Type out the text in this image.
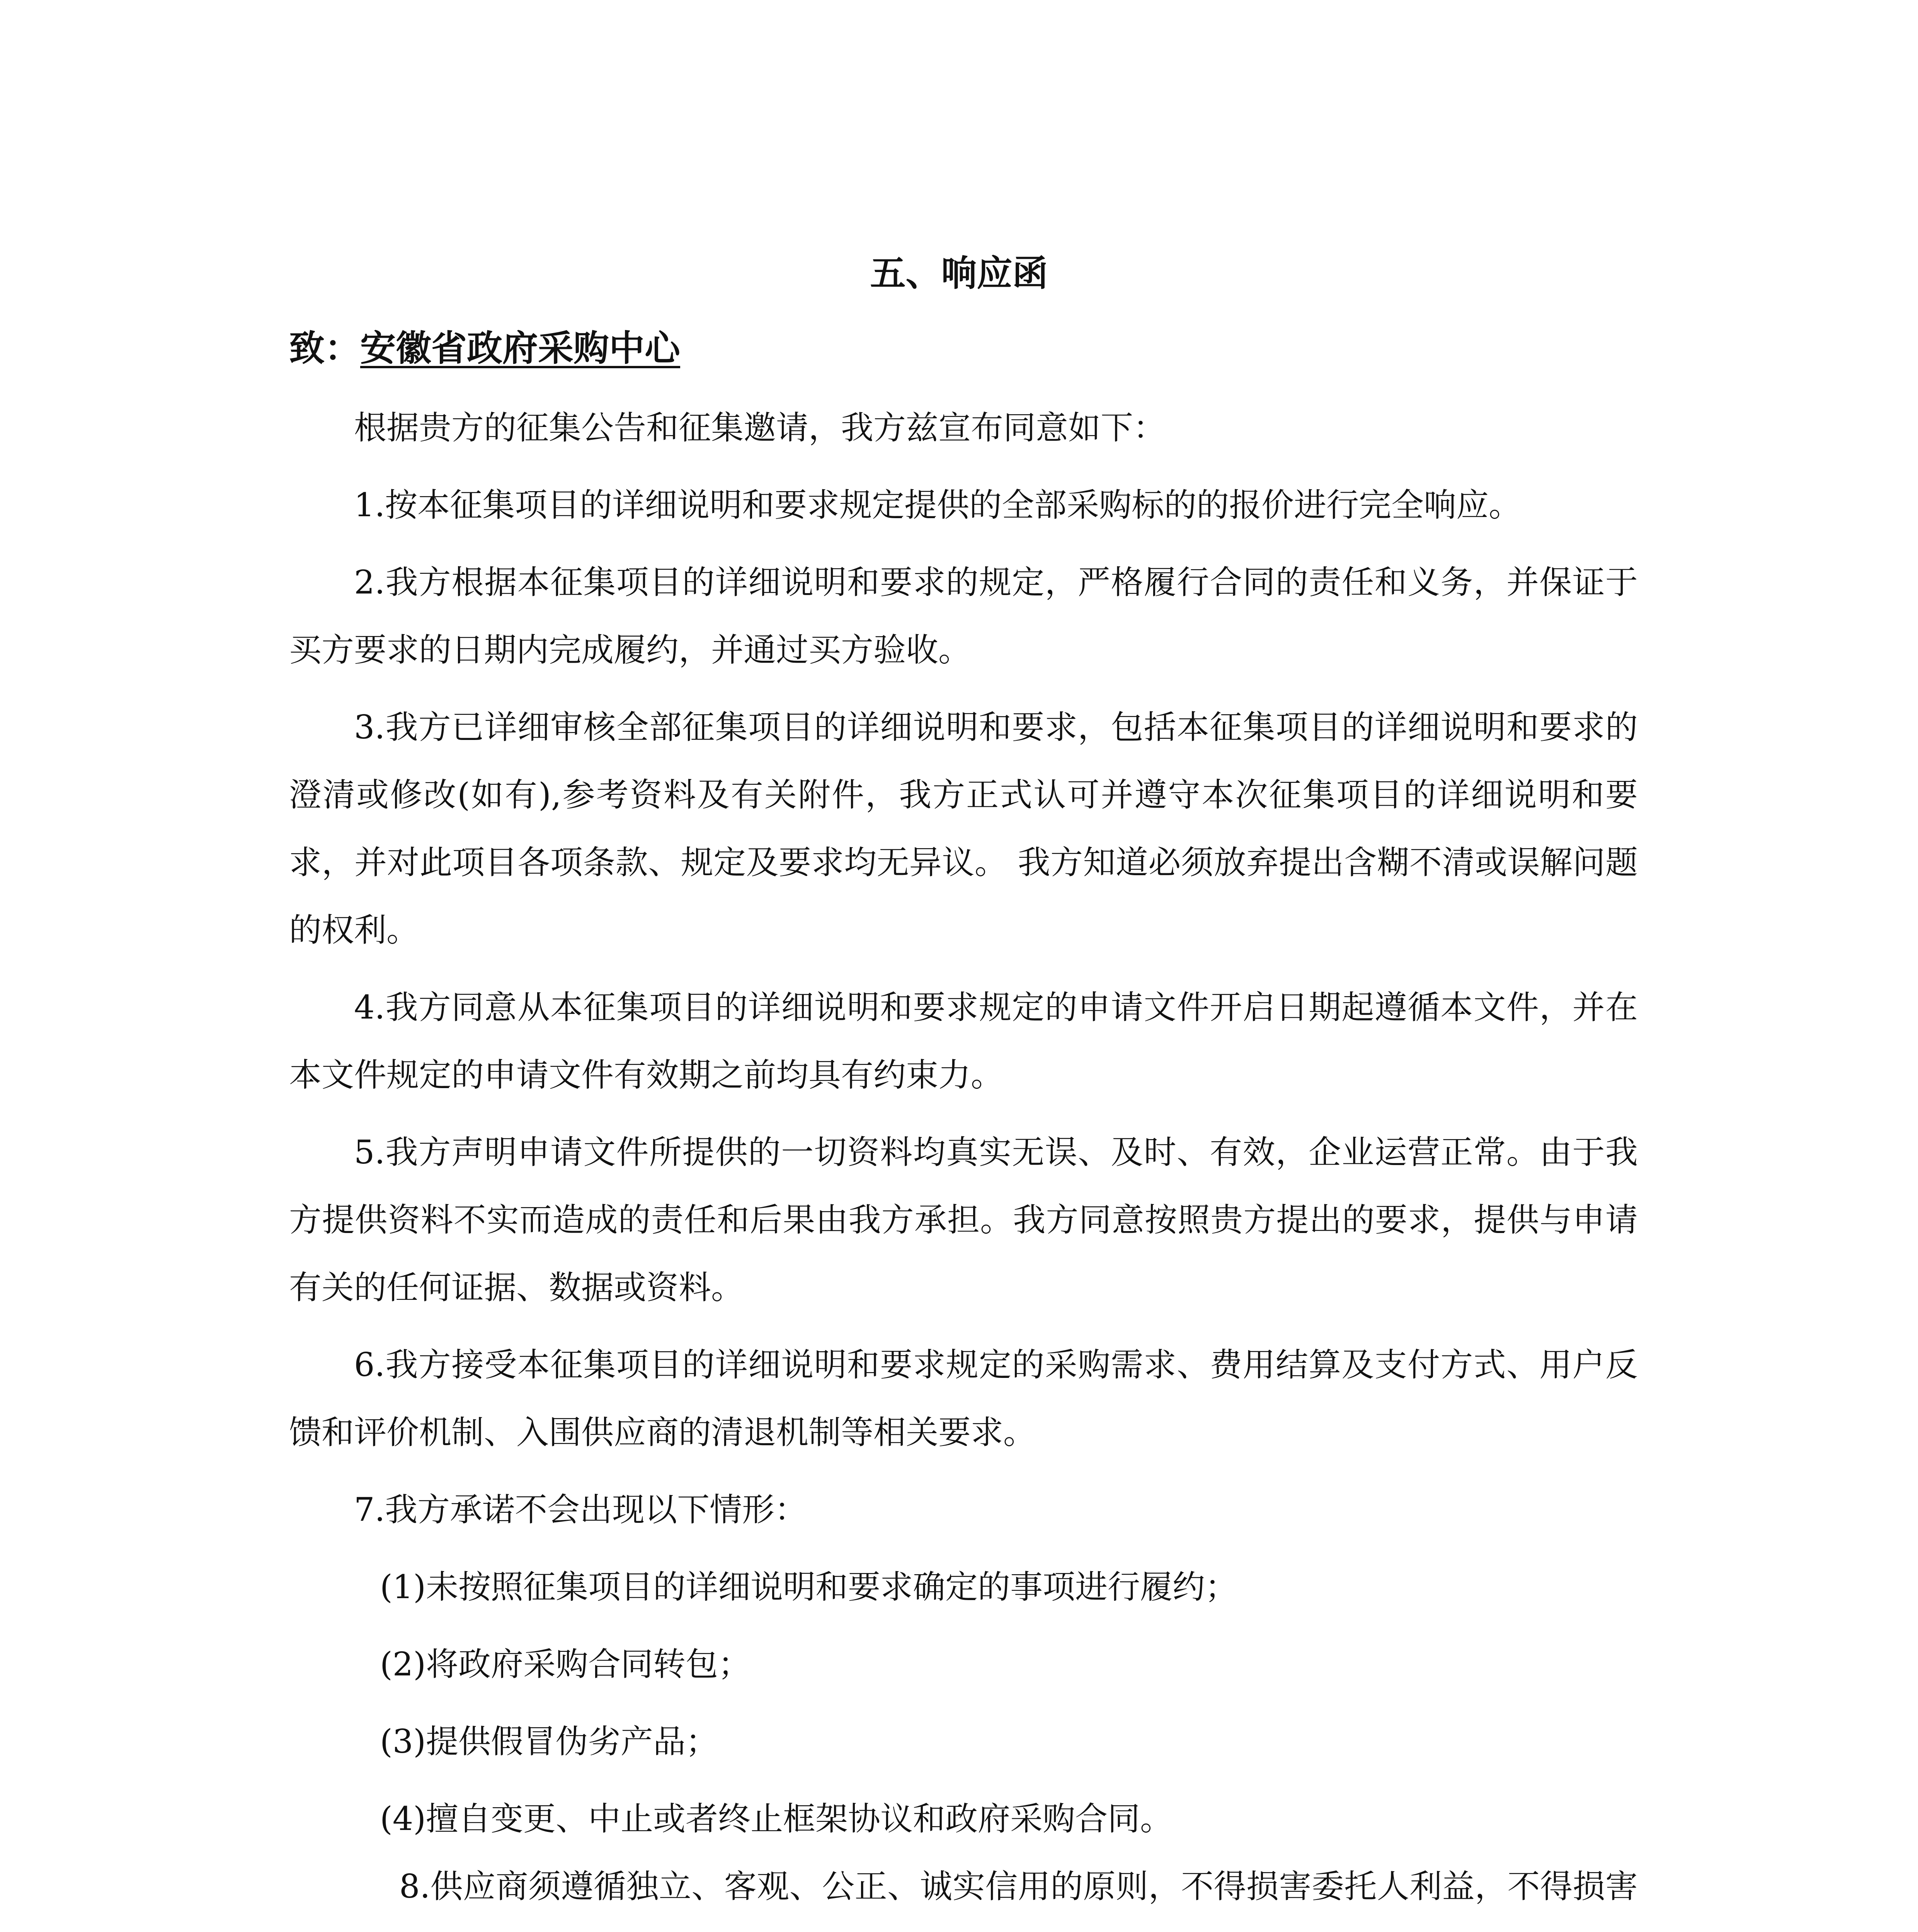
五、响应函
致：安徽省政府采购中心

根据贵方的征集公告和征集邀请，我方兹宣布同意如下：

1.按本征集项目的详细说明和要求规定提供的全部采购标的的报价进行完全响应。

2.我方根据本征集项目的详细说明和要求的规定，严格履行合同的责任和义务，并保证于买方要求的日期内完成履约，并通过买方验收。

3.我方已详细审核全部征集项目的详细说明和要求，包括本征集项目的详细说明和要求的澄清或修改(如有),参考资料及有关附件，我方正式认可并遵守本次征集项目的详细说明和要求，并对此项目各项条款、规定及要求均无异议。 我方知道必须放弃提出含糊不清或误解问题的权利。

4.我方同意从本征集项目的详细说明和要求规定的申请文件开启日期起遵循本文件，并在本文件规定的申请文件有效期之前均具有约束力。

5.我方声明申请文件所提供的一切资料均真实无误、及时、有效，企业运营正常。由于我方提供资料不实而造成的责任和后果由我方承担。我方同意按照贵方提出的要求，提供与申请有关的任何证据、数据或资料。

6.我方接受本征集项目的详细说明和要求规定的采购需求、费用结算及支付方式、用户反馈和评价机制、入围供应商的清退机制等相关要求。

7.我方承诺不会出现以下情形：

(1)未按照征集项目的详细说明和要求确定的事项进行履约；

(2)将政府采购合同转包；

(3)提供假冒伪劣产品；

(4)擅自变更、中止或者终止框架协议和政府采购合同。

8.供应商须遵循独立、客观、公正、诚实信用的原则，不得损害委托人利益，不得损害
